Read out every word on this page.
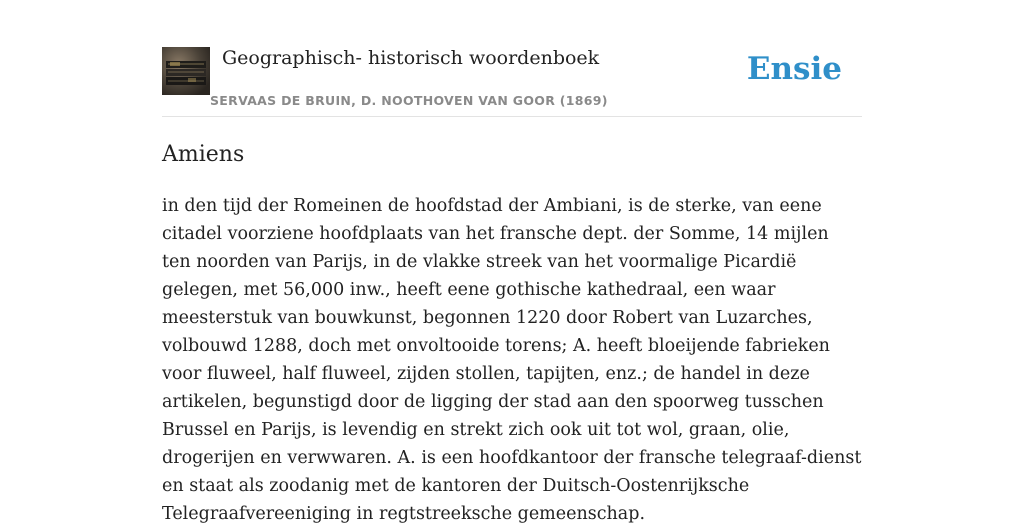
Geographisch- historisch woordenboek
SERVAAS DE BRUIN, D. NOOTHOVEN VAN GOOR (1869)
Ensie
Amiens

in den tijd der Romeinen de hoofdstad der Ambiani, is de sterke, van eene citadel voorziene hoofdplaats van het fransche dept. der Somme, 14 mijlen ten noorden van Parijs, in de vlakke streek van het voormalige Picardië gelegen, met 56,000 inw., heeft eene gothische kathedraal, een waar meesterstuk van bouwkunst, begonnen 1220 door Robert van Luzarches, volbouwd 1288, doch met onvoltooide torens; A. heeft bloeijende fabrieken voor fluweel, half fluweel, zijden stollen, tapijten, enz.; de handel in deze artikelen, begunstigd door de ligging der stad aan den spoorweg tusschen Brussel en Parijs, is levendig en strekt zich ook uit tot wol, graan, olie, drogerijen en verwwaren. A. is een hoofdkantoor der fransche telegraaf-dienst en staat als zoodanig met de kantoren der Duitsch-Oostenrijksche Telegraafvereeniging in regtstreeksche gemeenschap.
